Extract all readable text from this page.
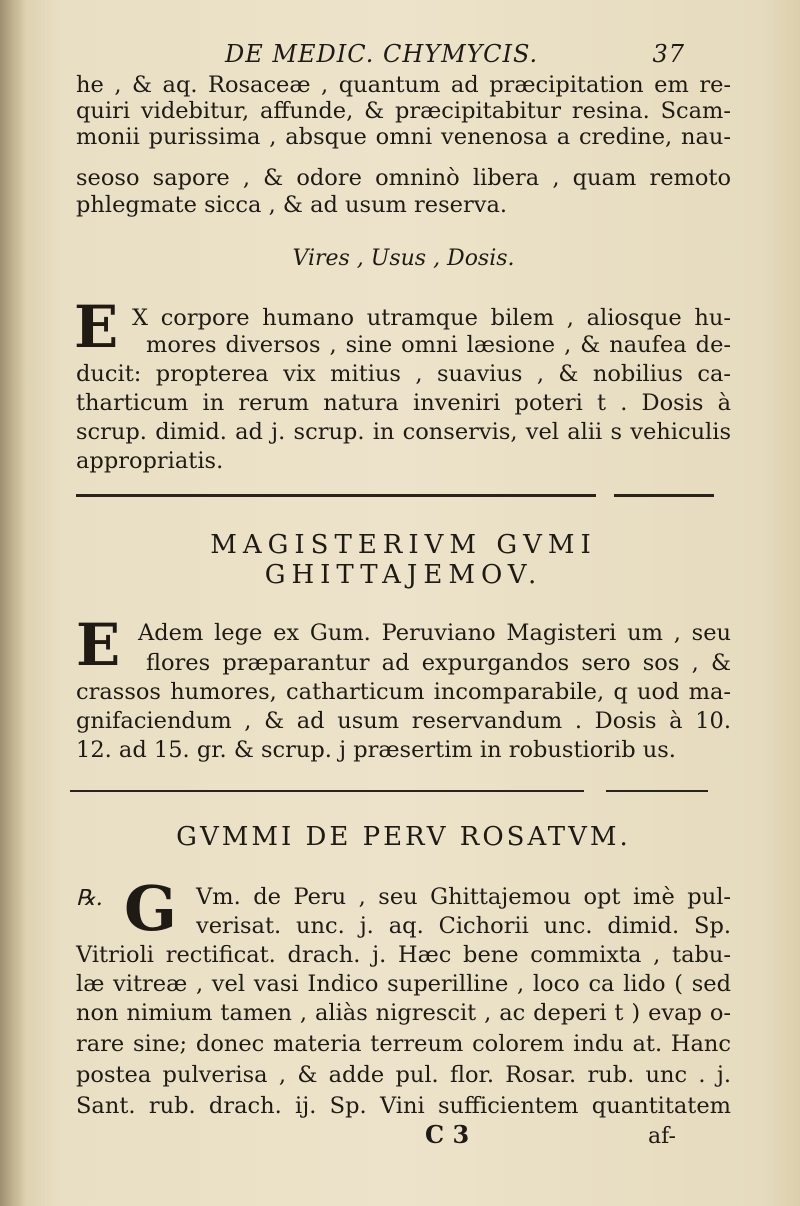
DE MEDIC. CHYMYCIS.	37
he , & aq. Rosaceæ , quantum ad præcipitation em re-
quiri videbitur, affunde, & præcipitabitur resina. Scam-
monii purissima , absque omni venenosa a credine, nau-
seoso sapore , & odore omninò libera , quam remoto
phlegmate sicca , & ad usum reserva.
Vires , Usus , Dosis.
E X corpore humano utramque bilem , aliosque hu-
mores diversos , sine omni læsione , & naufea de-
ducit: propterea vix mitius , suavius , & nobilius ca-
tharticum in rerum natura inveniri poteri t . Dosis à
scrup. dimid. ad j. scrup. in conservis, vel alii s vehiculis
appropriatis.
MAGISTERIVM GVMI
GHITTAJEMOV.
E Adem lege ex Gum. Peruviano Magisteri um , seu
flores præparantur ad expurgandos sero sos , &
crassos humores, catharticum incomparabile, q uod ma-
gnifaciendum , & ad usum reservandum . Dosis à 10.
12. ad 15. gr. & scrup. j præsertim in robustiorib us.
GVMMI DE PERV ROSATVM.
℞. G Vm. de Peru , seu Ghittajemou opt imè pul-
verisat. unc. j. aq. Cichorii unc. dimid. Sp.
Vitrioli rectificat. drach. j. Hæc bene commixta , tabu-
læ vitreæ , vel vasi Indico superilline , loco ca lido ( sed
non nimium tamen , aliàs nigrescit , ac deperi t ) evap o-
rare sine; donec materia terreum colorem indu at. Hanc
postea pulverisa , & adde pul. flor. Rosar. rub. unc . j.
Sant. rub. drach. ij. Sp. Vini sufficientem quantitatem
C 3	af-
